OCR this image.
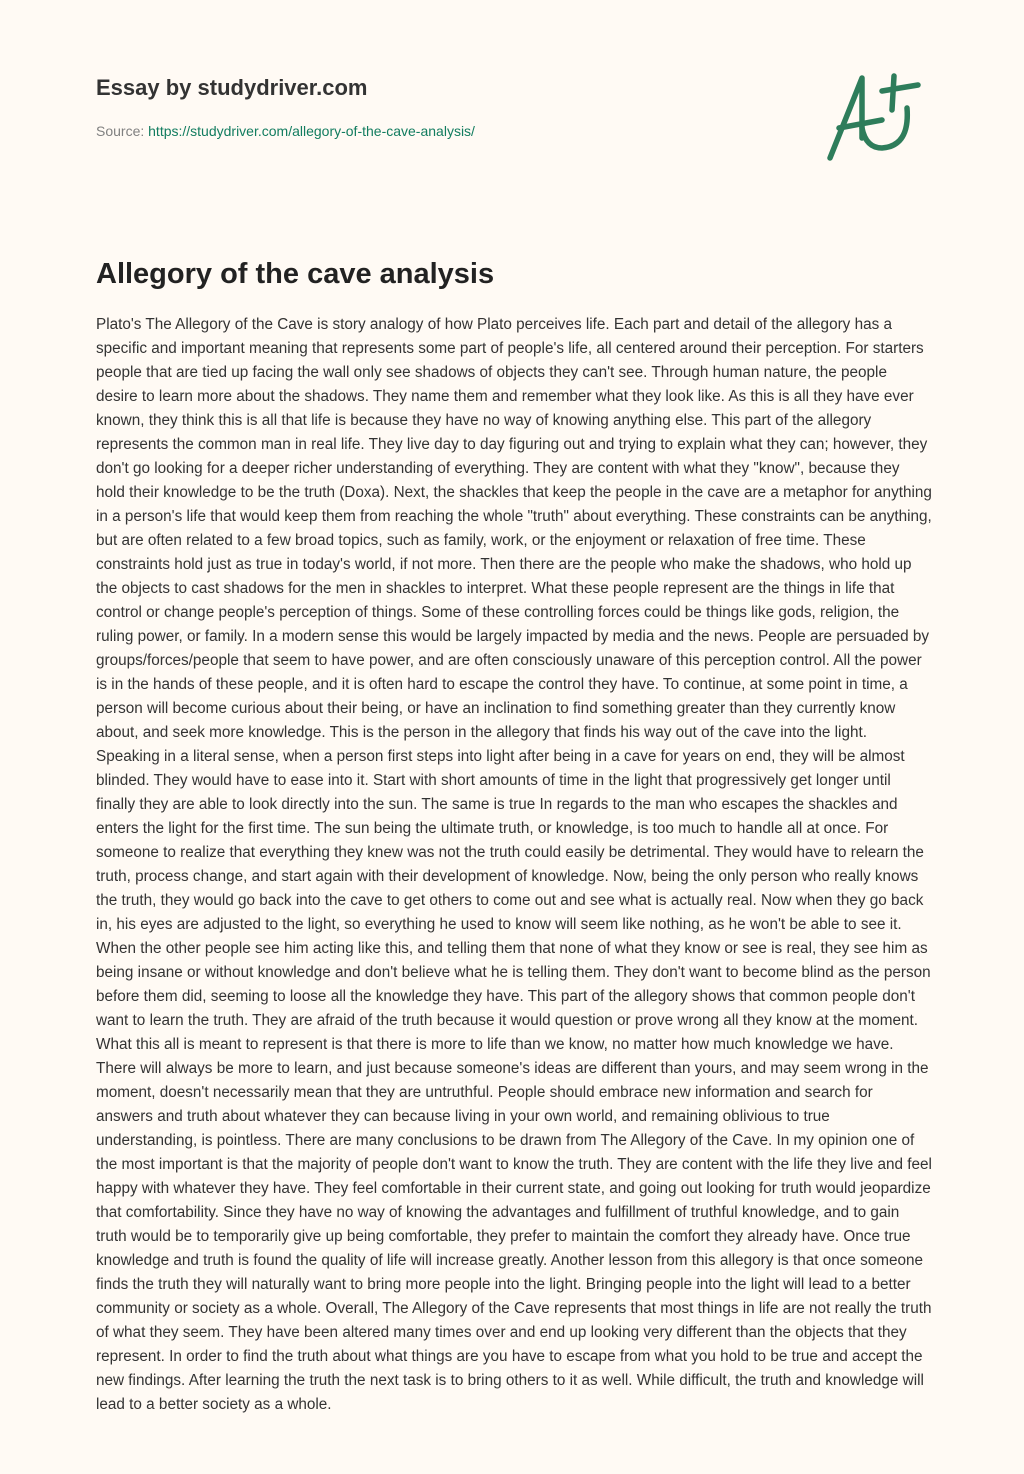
Essay by studydriver.com
Source: https://studydriver.com/allegory-of-the-cave-analysis/
Allegory of the cave analysis

Plato's The Allegory of the Cave is story analogy of how Plato perceives life. Each part and detail of the allegory has a specific and important meaning that represents some part of people's life, all centered around their perception. For starters people that are tied up facing the wall only see shadows of objects they can't see. Through human nature, the people desire to learn more about the shadows. They name them and remember what they look like. As this is all they have ever known, they think this is all that life is because they have no way of knowing anything else. This part of the allegory represents the common man in real life. They live day to day figuring out and trying to explain what they can; however, they don't go looking for a deeper richer understanding of everything. They are content with what they "know", because they hold their knowledge to be the truth (Doxa). Next, the shackles that keep the people in the cave are a metaphor for anything in a person's life that would keep them from reaching the whole "truth" about everything. These constraints can be anything, but are often related to a few broad topics, such as family, work, or the enjoyment or relaxation of free time. These constraints hold just as true in today's world, if not more. Then there are the people who make the shadows, who hold up the objects to cast shadows for the men in shackles to interpret. What these people represent are the things in life that control or change people's perception of things. Some of these controlling forces could be things like gods, religion, the ruling power, or family. In a modern sense this would be largely impacted by media and the news. People are persuaded by groups/forces/people that seem to have power, and are often consciously unaware of this perception control. All the power is in the hands of these people, and it is often hard to escape the control they have. To continue, at some point in time, a person will become curious about their being, or have an inclination to find something greater than they currently know about, and seek more knowledge. This is the person in the allegory that finds his way out of the cave into the light. Speaking in a literal sense, when a person first steps into light after being in a cave for years on end, they will be almost blinded. They would have to ease into it. Start with short amounts of time in the light that progressively get longer until finally they are able to look directly into the sun. The same is true In regards to the man who escapes the shackles and enters the light for the first time. The sun being the ultimate truth, or knowledge, is too much to handle all at once. For someone to realize that everything they knew was not the truth could easily be detrimental. They would have to relearn the truth, process change, and start again with their development of knowledge. Now, being the only person who really knows the truth, they would go back into the cave to get others to come out and see what is actually real. Now when they go back in, his eyes are adjusted to the light, so everything he used to know will seem like nothing, as he won't be able to see it. When the other people see him acting like this, and telling them that none of what they know or see is real, they see him as being insane or without knowledge and don't believe what he is telling them. They don't want to become blind as the person before them did, seeming to loose all the knowledge they have. This part of the allegory shows that common people don't want to learn the truth. They are afraid of the truth because it would question or prove wrong all they know at the moment. What this all is meant to represent is that there is more to life than we know, no matter how much knowledge we have. There will always be more to learn, and just because someone's ideas are different than yours, and may seem wrong in the moment, doesn't necessarily mean that they are untruthful. People should embrace new information and search for answers and truth about whatever they can because living in your own world, and remaining oblivious to true understanding, is pointless. There are many conclusions to be drawn from The Allegory of the Cave. In my opinion one of the most important is that the majority of people don't want to know the truth. They are content with the life they live and feel happy with whatever they have. They feel comfortable in their current state, and going out looking for truth would jeopardize that comfortability. Since they have no way of knowing the advantages and fulfillment of truthful knowledge, and to gain truth would be to temporarily give up being comfortable, they prefer to maintain the comfort they already have. Once true knowledge and truth is found the quality of life will increase greatly. Another lesson from this allegory is that once someone finds the truth they will naturally want to bring more people into the light. Bringing people into the light will lead to a better community or society as a whole. Overall, The Allegory of the Cave represents that most things in life are not really the truth of what they seem. They have been altered many times over and end up looking very different than the objects that they represent. In order to find the truth about what things are you have to escape from what you hold to be true and accept the new findings. After learning the truth the next task is to bring others to it as well. While difficult, the truth and knowledge will lead to a better society as a whole.
